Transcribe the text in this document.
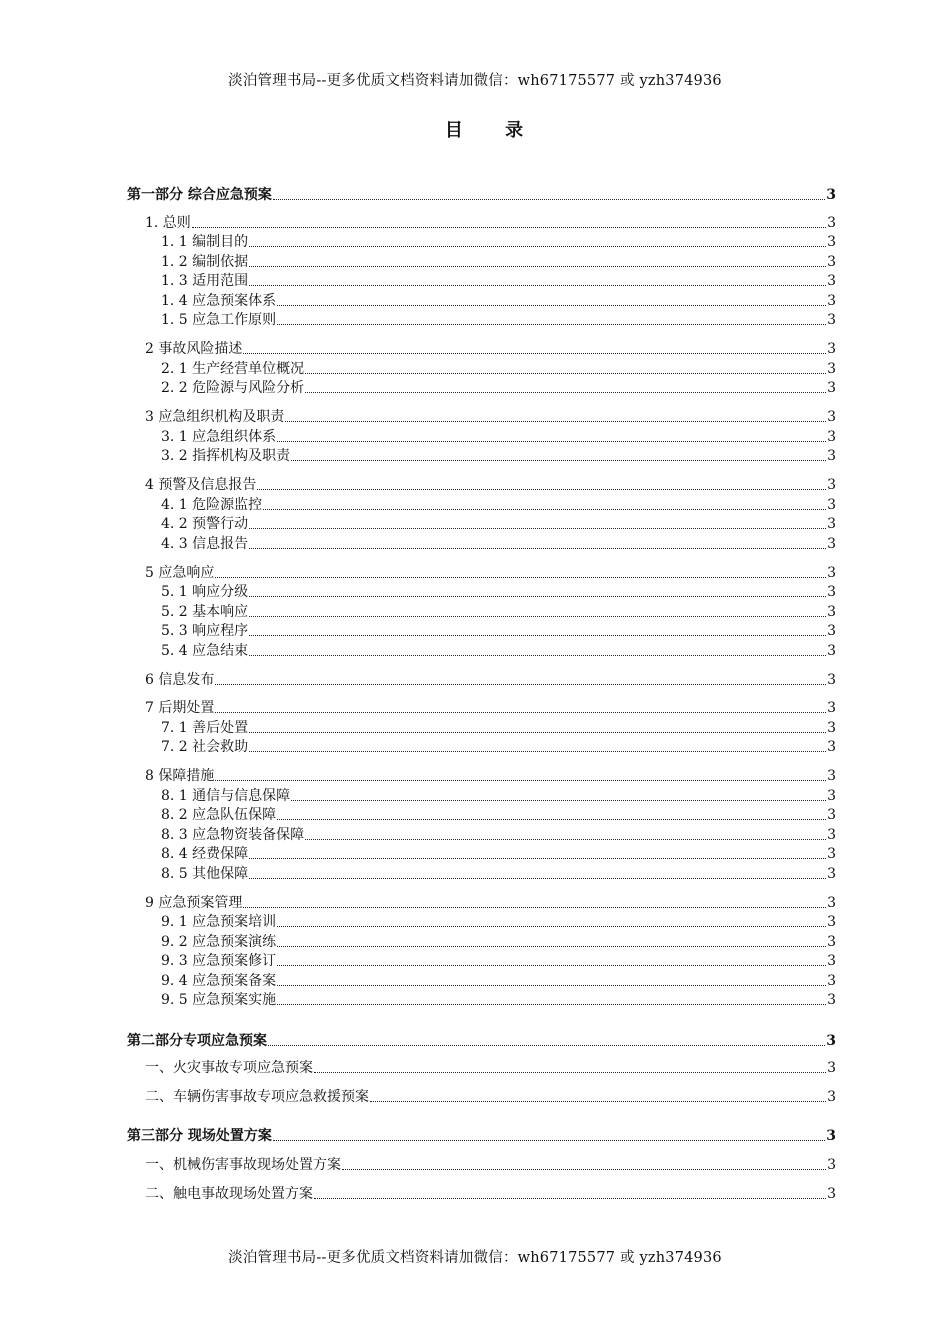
淡泊管理书局--更多优质文档资料请加微信：wh67175577 或 yzh374936
目 录
第一部分 综合应急预案	3
1. 总则	3
1. 1 编制目的	3
1. 2 编制依据	3
1. 3 适用范围	3
1. 4 应急预案体系	3
1. 5 应急工作原则	3
2 事故风险描述	3
2. 1 生产经营单位概况	3
2. 2 危险源与风险分析	3
3 应急组织机构及职责	3
3. 1 应急组织体系	3
3. 2 指挥机构及职责	3
4 预警及信息报告	3
4. 1 危险源监控	3
4. 2 预警行动	3
4. 3 信息报告	3
5 应急响应	3
5. 1 响应分级	3
5. 2 基本响应	3
5. 3 响应程序	3
5. 4 应急结束	3
6 信息发布	3
7 后期处置	3
7. 1 善后处置	3
7. 2 社会救助	3
8 保障措施	3
8. 1 通信与信息保障	3
8. 2 应急队伍保障	3
8. 3 应急物资装备保障	3
8. 4 经费保障	3
8. 5 其他保障	3
9 应急预案管理	3
9. 1 应急预案培训	3
9. 2 应急预案演练	3
9. 3 应急预案修订	3
9. 4 应急预案备案	3
9. 5 应急预案实施	3
第二部分专项应急预案	3
一、火灾事故专项应急预案	3
二、车辆伤害事故专项应急救援预案	3
第三部分 现场处置方案	3
一、机械伤害事故现场处置方案	3
二、触电事故现场处置方案	3
淡泊管理书局--更多优质文档资料请加微信：wh67175577 或 yzh374936
